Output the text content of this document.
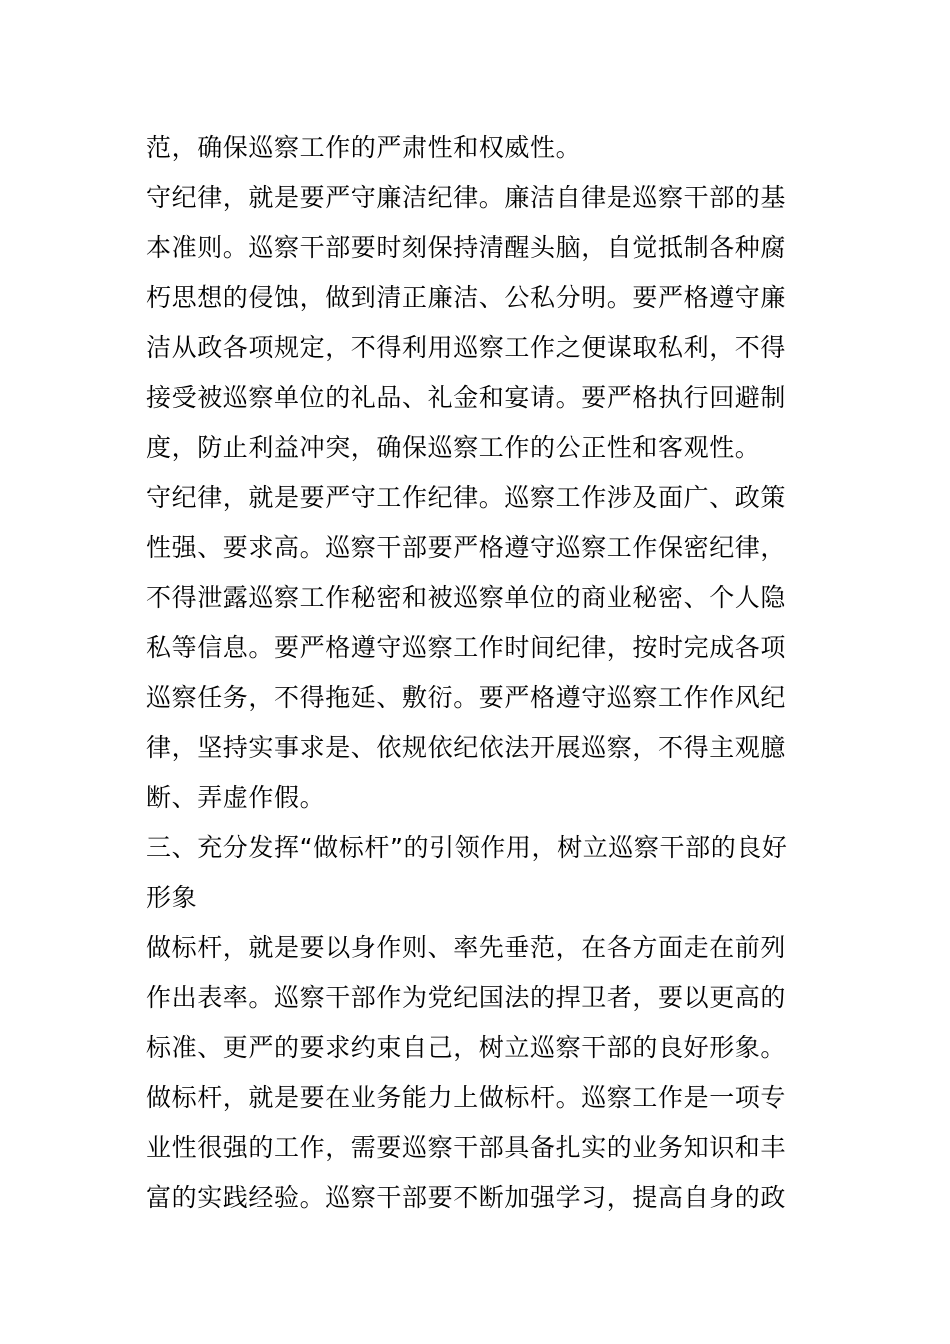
范，确保巡察工作的严肃性和权威性。
守纪律，就是要严守廉洁纪律。廉洁自律是巡察干部的基
本准则。巡察干部要时刻保持清醒头脑，自觉抵制各种腐
朽思想的侵蚀，做到清正廉洁、公私分明。要严格遵守廉
洁从政各项规定，不得利用巡察工作之便谋取私利，不得
接受被巡察单位的礼品、礼金和宴请。要严格执行回避制
度，防止利益冲突，确保巡察工作的公正性和客观性。
守纪律，就是要严守工作纪律。巡察工作涉及面广、政策
性强、要求高。巡察干部要严格遵守巡察工作保密纪律，
不得泄露巡察工作秘密和被巡察单位的商业秘密、个人隐
私等信息。要严格遵守巡察工作时间纪律，按时完成各项
巡察任务，不得拖延、敷衍。要严格遵守巡察工作作风纪
律，坚持实事求是、依规依纪依法开展巡察，不得主观臆
断、弄虚作假。
三、充分发挥“做标杆”的引领作用，树立巡察干部的良好
形象
做标杆，就是要以身作则、率先垂范，在各方面走在前列
作出表率。巡察干部作为党纪国法的捍卫者，要以更高的
标准、更严的要求约束自己，树立巡察干部的良好形象。
做标杆，就是要在业务能力上做标杆。巡察工作是一项专
业性很强的工作，需要巡察干部具备扎实的业务知识和丰
富的实践经验。巡察干部要不断加强学习，提高自身的政
